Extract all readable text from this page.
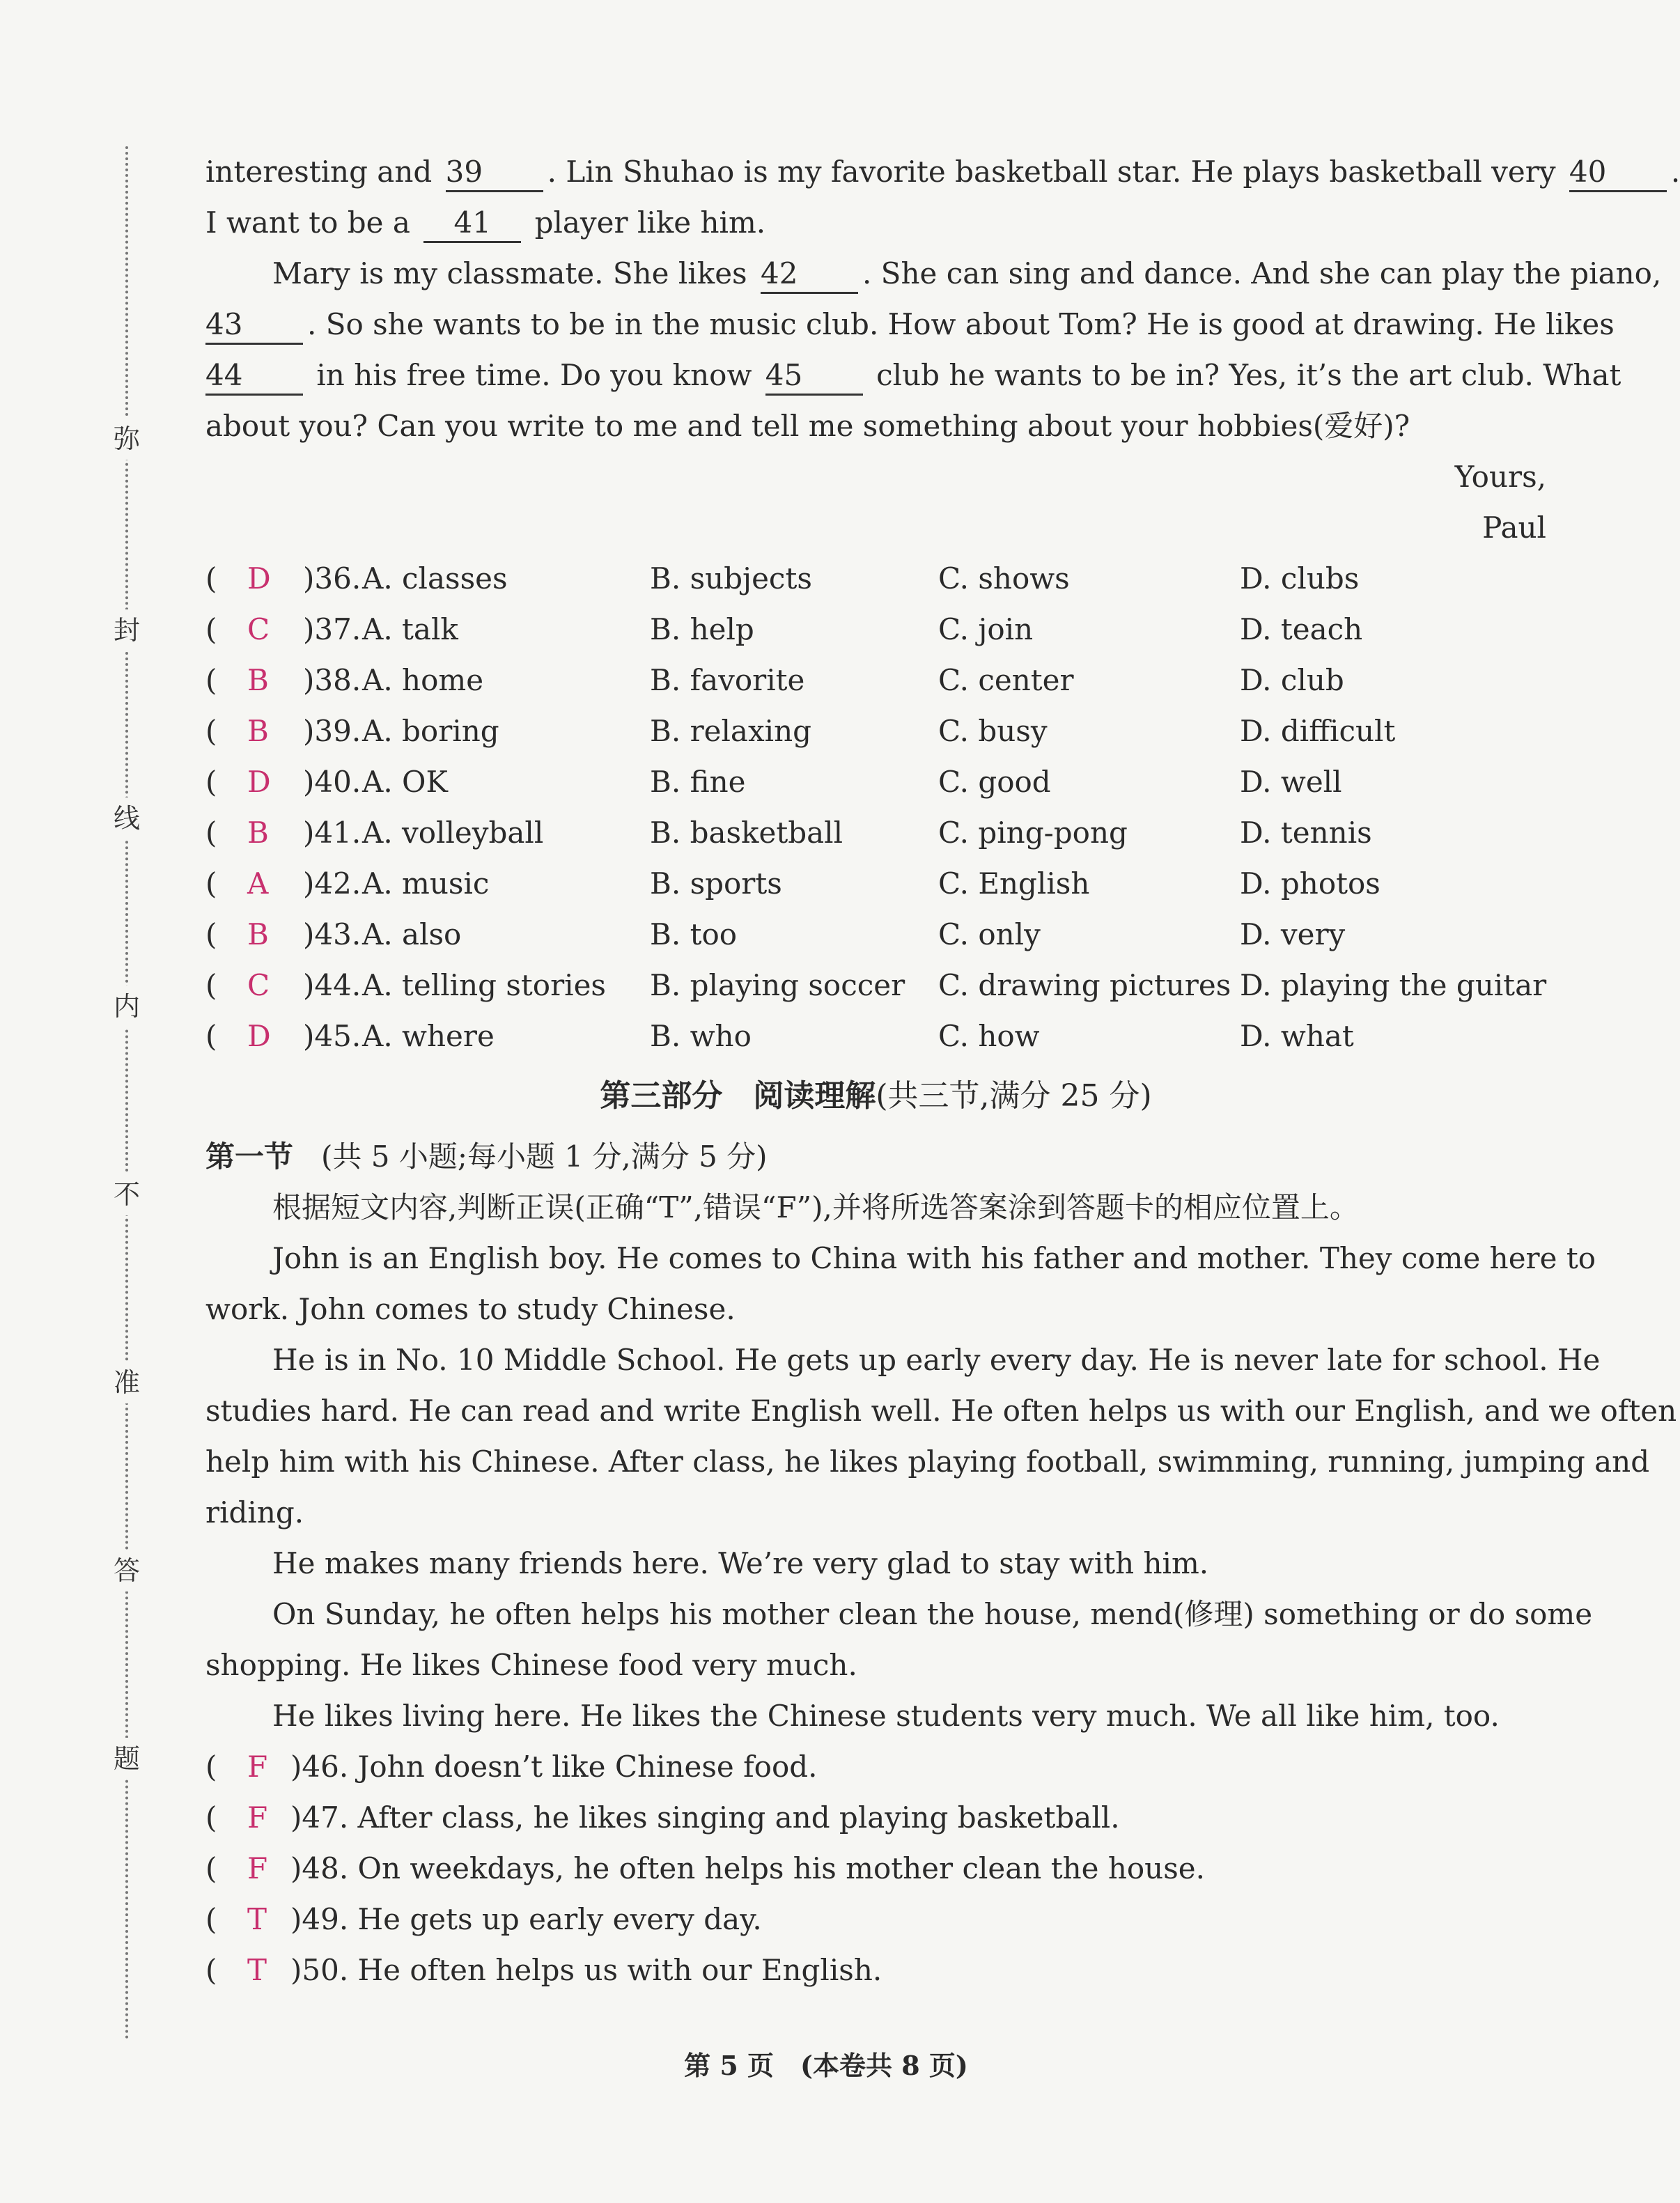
弥
封
线
内
不
准
答
题
interesting and 39 . Lin Shuhao is my favorite basketball star. He plays basketball very 40 .
I want to be a 41 player like him.
Mary is my classmate. She likes 42 . She can sing and dance. And she can play the piano,
43 . So she wants to be in the music club. How about Tom? He is good at drawing. He likes
44	in his free time. Do you know 45	club he wants to be in? Yes, it’s the art club. What
about you? Can you write to me and tell me something about your hobbies(爱好)?
Yours,
Paul
( D )36. A. classes	B. subjects	C. shows	D. clubs
( C )37. A. talk	B. help	C. join	D. teach
( B )38. A. home	B. favorite	C. center	D. club
( B )39. A. boring	B. relaxing	C. busy	D. difficult
( D )40. A. OK	B. fine	C. good	D. well
( B )41. A. volleyball	B. basketball	C. ping-pong	D. tennis
( A )42. A. music	B. sports	C. English	D. photos
( B )43. A. also	B. too	C. only	D. very
( C )44. A. telling stories B. playing soccer C. drawing pictures D. playing the guitar
( D )45. A. where	B. who	C. how	D. what
第三部分　阅读理解(共三节,满分 25 分)
第一节 (共 5 小题;每小题 1 分,满分 5 分)
根据短文内容,判断正误(正确“T”,错误“F”),并将所选答案涂到答题卡的相应位置上。
John is an English boy. He comes to China with his father and mother. They come here to
work. John comes to study Chinese.
He is in No. 10 Middle School. He gets up early every day. He is never late for school. He
studies hard. He can read and write English well. He often helps us with our English, and we often
help him with his Chinese. After class, he likes playing football, swimming, running, jumping and
riding.
He makes many friends here. We’re very glad to stay with him.
On Sunday, he often helps his mother clean the house, mend(修理) something or do some
shopping. He likes Chinese food very much.
He likes living here. He likes the Chinese students very much. We all like him, too.
( F )46. John doesn’t like Chinese food.
( F )47. After class, he likes singing and playing basketball.
( F )48. On weekdays, he often helps his mother clean the house.
( T )49. He gets up early every day.
( T )50. He often helps us with our English.
第 5 页　(本卷共 8 页)
